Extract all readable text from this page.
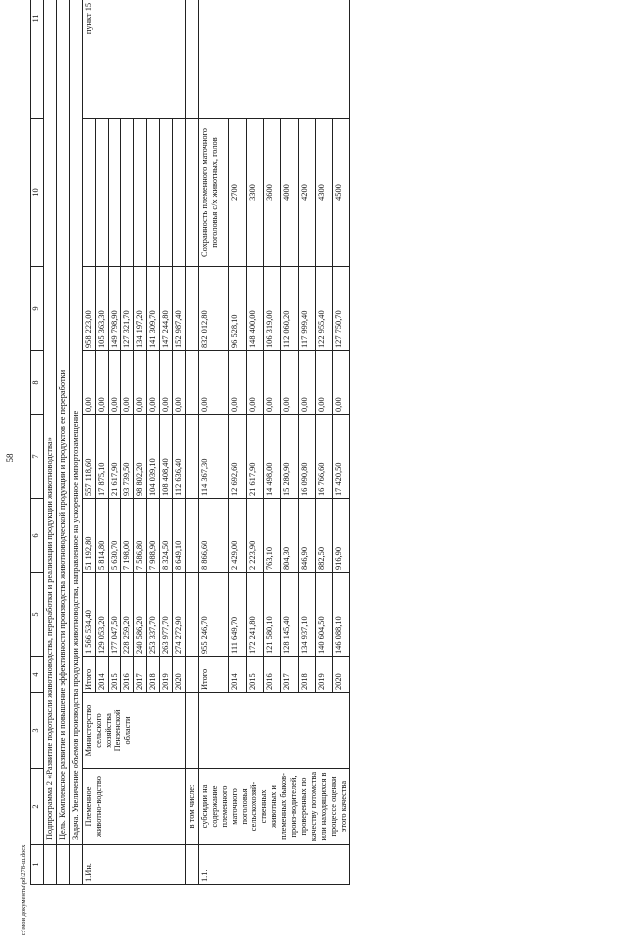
58
1	2	3	4	5	6	7	8	9	10	11
	Подпрограмма 2 «Развитие подотрасли животноводства, переработки и реализации продукции животноводства»									
	Цель. Комплексное развитие и повышение эффективности производства животноводческой продукции и продуктов ее переработки									
	Задача. Увеличение объемов производства продукции животноводства, направленное на ускоренное импортозамещение									
1.Ин.	Племенное животно-водство	Министерство сельского хозяйства Пензенской области	Итого	1 566 534,40	51 192,80	557 118,60	0,00	958 223,00		пункт 15
			2014	129 053,20	5 814,80	17 875,10	0,00	105 363,30		
			2015	177 047,50	5 630,70	21 617,90	0,00	149 798,90		
			2016	228 259,20	7 198,00	93 739,50	0,00	127 321,70		
			2017	240 586,20	7 586,80	98 802,20	0,00	134 197,20		
			2018	253 337,70	7 988,90	104 039,10	0,00	141 309,70		
			2019	263 977,70	8 324,50	108 408,40	0,00	147 244,80		
			2020	274 272,90	8 649,10	112 636,40	0,00	152 987,40		
	в том числе:									
1.1.	субсидии на содержание племенного маточного поголовья сельскохозяй-ственных животных и племенных быков-произ-водителей, проверенных по качеству потомства или находящихся в процессе оценки этого качества		Итого	955 246,70	8 866,60	114 367,30	0,00	832 012,80	Сохранность племенного маточного поголовья с/х животных, голов	
			2014	111 649,70	2 429,00	12 692,60	0,00	96 528,10	2700	
			2015	172 241,80	2 223,90	21 617,90	0,00	148 400,00	3300	
			2016	121 580,10	763,10	14 498,00	0,00	106 319,00	3600	
			2017	128 145,40	804,30	15 280,90	0,00	112 060,20	4000	
			2018	134 937,10	846,90	16 090,80	0,00	117 999,40	4200	
			2019	140 604,50	882,50	16 766,60	0,00	122 955,40	4300	
			2020	146 088,10	916,90	17 420,50	0,00	127 750,70	4500	
c:\мои документы\pd\278-ш.docx
